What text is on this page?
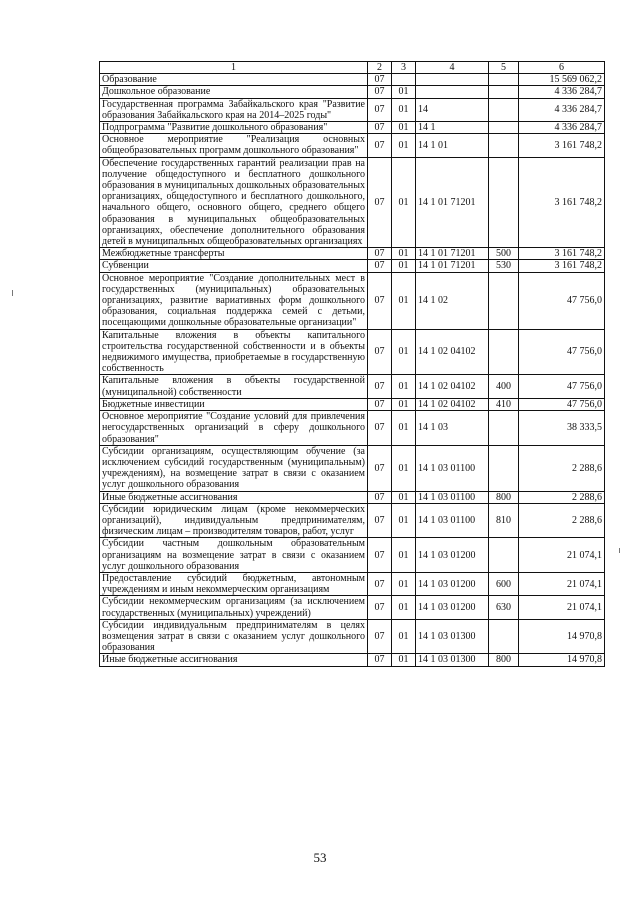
1	2	3	4	5	6
Образование	07				15 569 062,2
Дошкольное образование	07	01			4 336 284,7
Государственная программа Забайкальского края "Развитие образования Забайкальского края на 2014–2025 годы"	07	01	14		4 336 284,7
Подпрограмма "Развитие дошкольного образования"	07	01	14 1		4 336 284,7
Основное мероприятие "Реализация основных общеобразовательных программ дошкольного образования"	07	01	14 1 01		3 161 748,2
Обеспечение государственных гарантий реализации прав на получение общедоступного и бесплатного дошкольного образования в муниципальных дошкольных образовательных организациях, общедоступного и бесплатного дошкольного, начального общего, основного общего, среднего общего образования в муниципальных общеобразовательных организациях, обеспечение дополнительного образования детей в муниципальных общеобразовательных организациях	07	01	14 1 01 71201		3 161 748,2
Межбюджетные трансферты	07	01	14 1 01 71201	500	3 161 748,2
Субвенции	07	01	14 1 01 71201	530	3 161 748,2
Основное мероприятие "Создание дополнительных мест в государственных (муниципальных) образовательных организациях, развитие вариативных форм дошкольного образования, социальная поддержка семей с детьми, посещающими дошкольные образовательные организации"	07	01	14 1 02		47 756,0
Капитальные вложения в объекты капитального строительства государственной собственности и в объекты недвижимого имущества, приобретаемые в государственную собственность	07	01	14 1 02 04102		47 756,0
Капитальные вложения в объекты государственной (муниципальной) собственности	07	01	14 1 02 04102	400	47 756,0
Бюджетные инвестиции	07	01	14 1 02 04102	410	47 756,0
Основное мероприятие "Создание условий для привлечения негосударственных организаций в сферу дошкольного образования"	07	01	14 1 03		38 333,5
Субсидии организациям, осуществляющим обучение (за исключением субсидий государственным (муниципальным) учреждениям), на возмещение затрат в связи с оказанием услуг дошкольного образования	07	01	14 1 03 01100		2 288,6
Иные бюджетные ассигнования	07	01	14 1 03 01100	800	2 288,6
Субсидии юридическим лицам (кроме некоммерческих организаций), индивидуальным предпринимателям, физическим лицам – производителям товаров, работ, услуг	07	01	14 1 03 01100	810	2 288,6
Субсидии частным дошкольным образовательным организациям на возмещение затрат в связи с оказанием услуг дошкольного образования	07	01	14 1 03 01200		21 074,1
Предоставление субсидий бюджетным, автономным учреждениям и иным некоммерческим организациям	07	01	14 1 03 01200	600	21 074,1
Субсидии некоммерческим организациям (за исключением государственных (муниципальных) учреждений)	07	01	14 1 03 01200	630	21 074,1
Субсидии индивидуальным предпринимателям в целях возмещения затрат в связи с оказанием услуг дошкольного образования	07	01	14 1 03 01300		14 970,8
Иные бюджетные ассигнования	07	01	14 1 03 01300	800	14 970,8
53
